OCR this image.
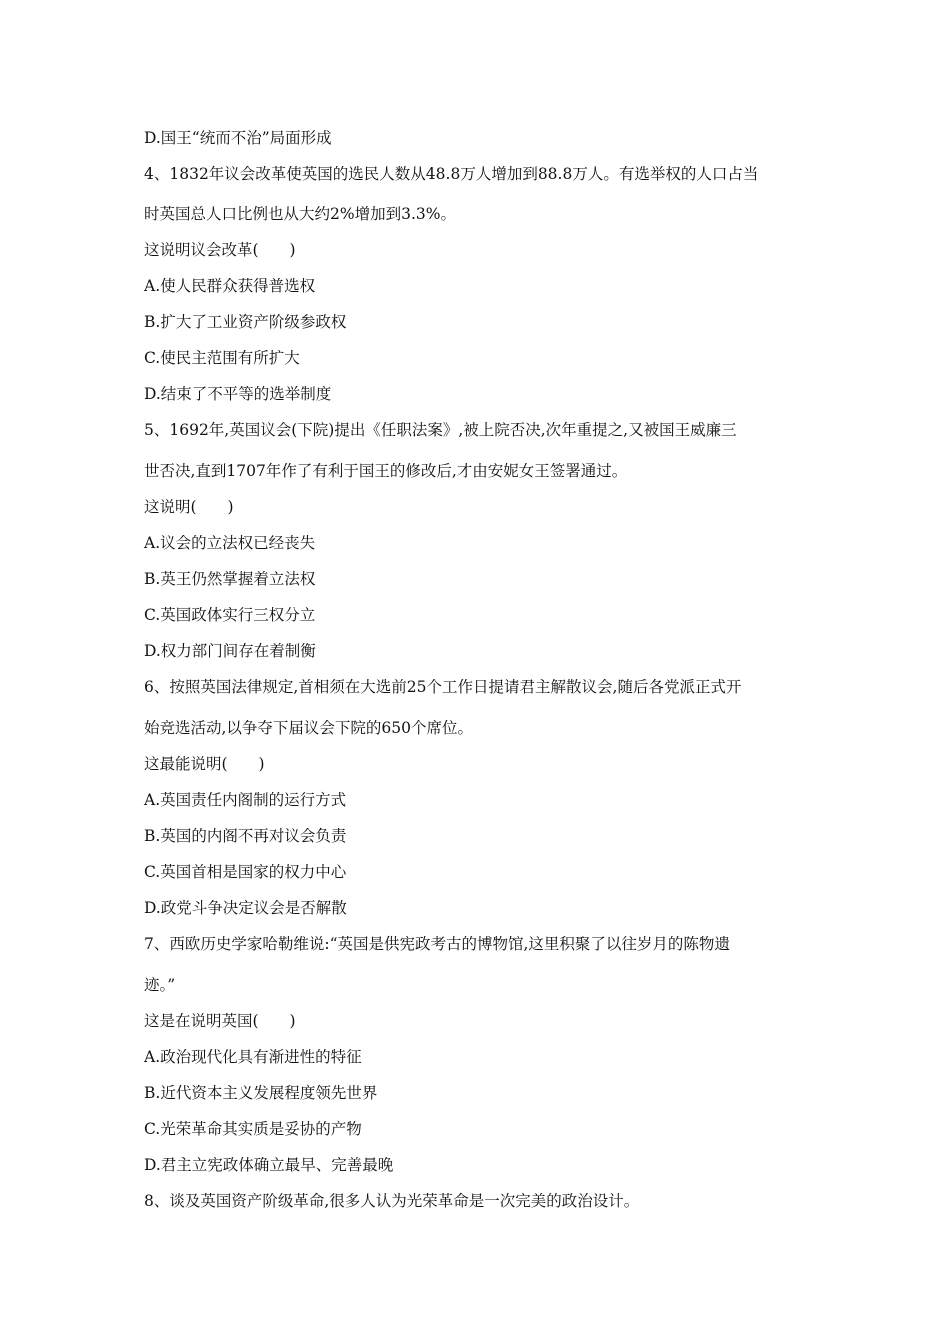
D.国王“统而不治”局面形成
4、1832年议会改革使英国的选民人数从48.8万人增加到88.8万人。有选举权的人口占当
时英国总人口比例也从大约2%增加到3.3%。
这说明议会改革(　　)
A.使人民群众获得普选权
B.扩大了工业资产阶级参政权
C.使民主范围有所扩大
D.结束了不平等的选举制度
5、1692年,英国议会(下院)提出《任职法案》,被上院否决,次年重提之,又被国王威廉三
世否决,直到1707年作了有利于国王的修改后,才由安妮女王签署通过。
这说明(　　)
A.议会的立法权已经丧失
B.英王仍然掌握着立法权
C.英国政体实行三权分立
D.权力部门间存在着制衡
6、按照英国法律规定,首相须在大选前25个工作日提请君主解散议会,随后各党派正式开
始竞选活动,以争夺下届议会下院的650个席位。
这最能说明(　　)
A.英国责任内阁制的运行方式
B.英国的内阁不再对议会负责
C.英国首相是国家的权力中心
D.政党斗争决定议会是否解散
7、西欧历史学家哈勒维说:“英国是供宪政考古的博物馆,这里积聚了以往岁月的陈物遗
迹。”
这是在说明英国(　　)
A.政治现代化具有渐进性的特征
B.近代资本主义发展程度领先世界
C.光荣革命其实质是妥协的产物
D.君主立宪政体确立最早、完善最晚
8、谈及英国资产阶级革命,很多人认为光荣革命是一次完美的政治设计。
